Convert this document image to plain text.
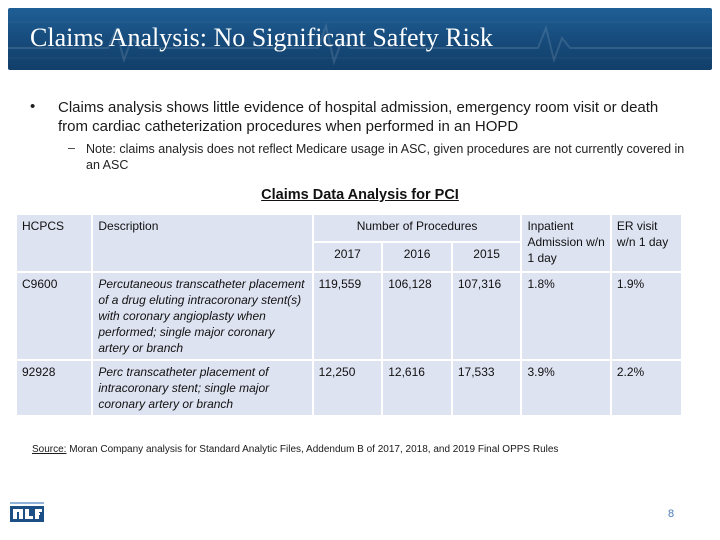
Claims Analysis: No Significant Safety Risk
• Claims analysis shows little evidence of hospital admission, emergency room visit or death from cardiac catheterization procedures when performed in an HOPD
– Note: claims analysis does not reflect Medicare usage in ASC, given procedures are not currently covered in an ASC
Claims Data Analysis for PCI
HCPCS	Description	Number of Procedures			Inpatient Admission w/n 1 day	ER visit w/n 1 day
		2017	2016	2015		
C9600	Percutaneous transcatheter placement of a drug eluting intracoronary stent(s) with coronary angioplasty when performed; single major coronary artery or branch	119,559	106,128	107,316	1.8%	1.9%
92928	Perc transcatheter placement of intracoronary stent; single major coronary artery or branch	12,250	12,616	17,533	3.9%	2.2%
Source: Moran Company analysis for Standard Analytic Files, Addendum B of 2017, 2018, and 2019 Final OPPS Rules
8
